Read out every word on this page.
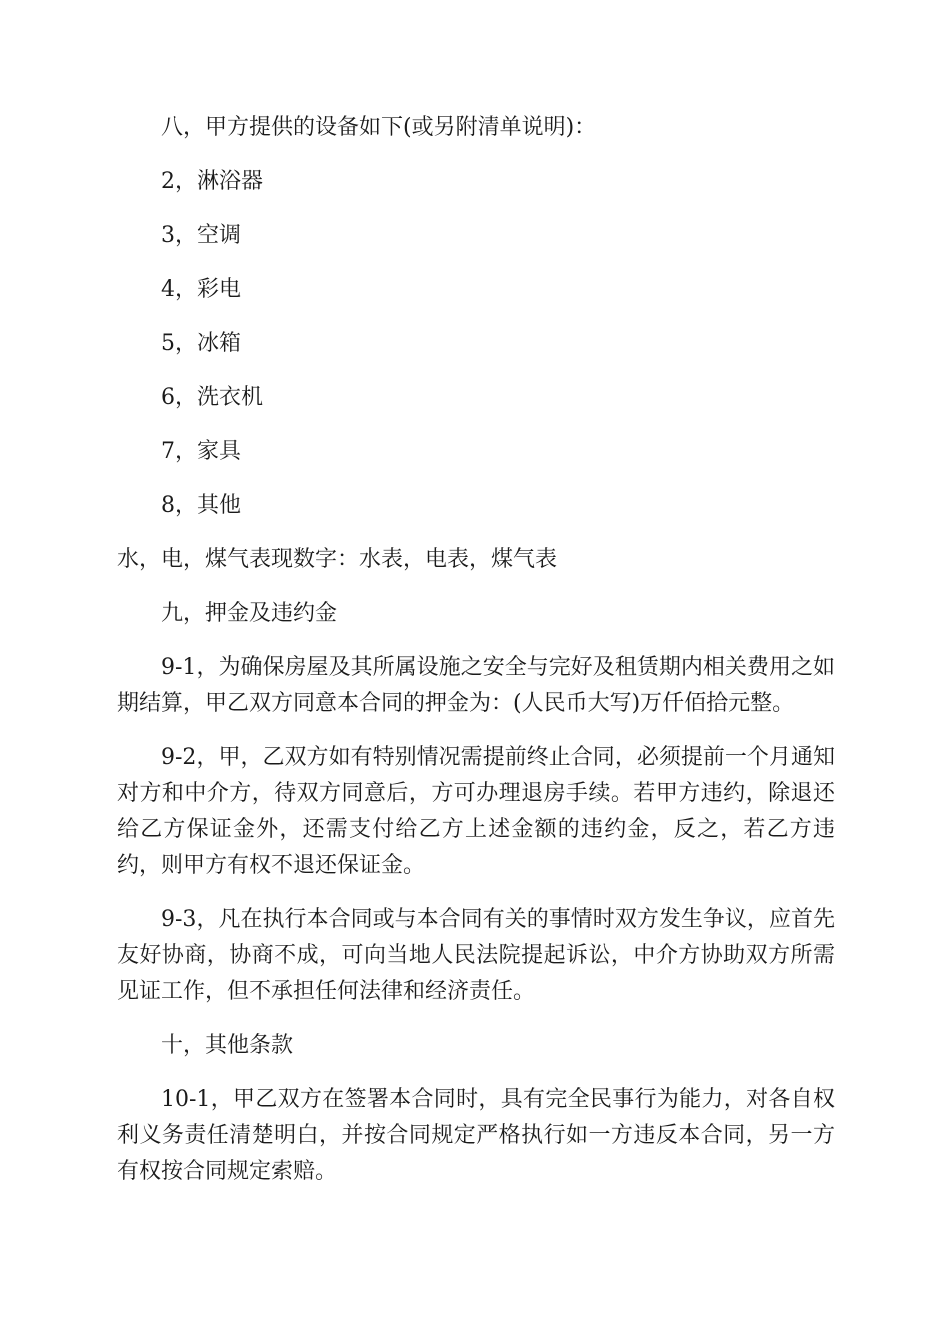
八，甲方提供的设备如下(或另附清单说明)：

2，淋浴器

3，空调

4，彩电

5，冰箱

6，洗衣机

7，家具

8，其他

水，电，煤气表现数字：水表，电表，煤气表

九，押金及违约金

9-1，为确保房屋及其所属设施之安全与完好及租赁期内相关费用之如期结算，甲乙双方同意本合同的押金为：(人民币大写)万仟佰拾元整。

9-2，甲，乙双方如有特别情况需提前终止合同，必须提前一个月通知对方和中介方，待双方同意后，方可办理退房手续。若甲方违约，除退还给乙方保证金外，还需支付给乙方上述金额的违约金，反之，若乙方违约，则甲方有权不退还保证金。

9-3，凡在执行本合同或与本合同有关的事情时双方发生争议，应首先友好协商，协商不成，可向当地人民法院提起诉讼，中介方协助双方所需见证工作，但不承担任何法律和经济责任。

十，其他条款

10-1，甲乙双方在签署本合同时，具有完全民事行为能力，对各自权利义务责任清楚明白，并按合同规定严格执行如一方违反本合同，另一方有权按合同规定索赔。
